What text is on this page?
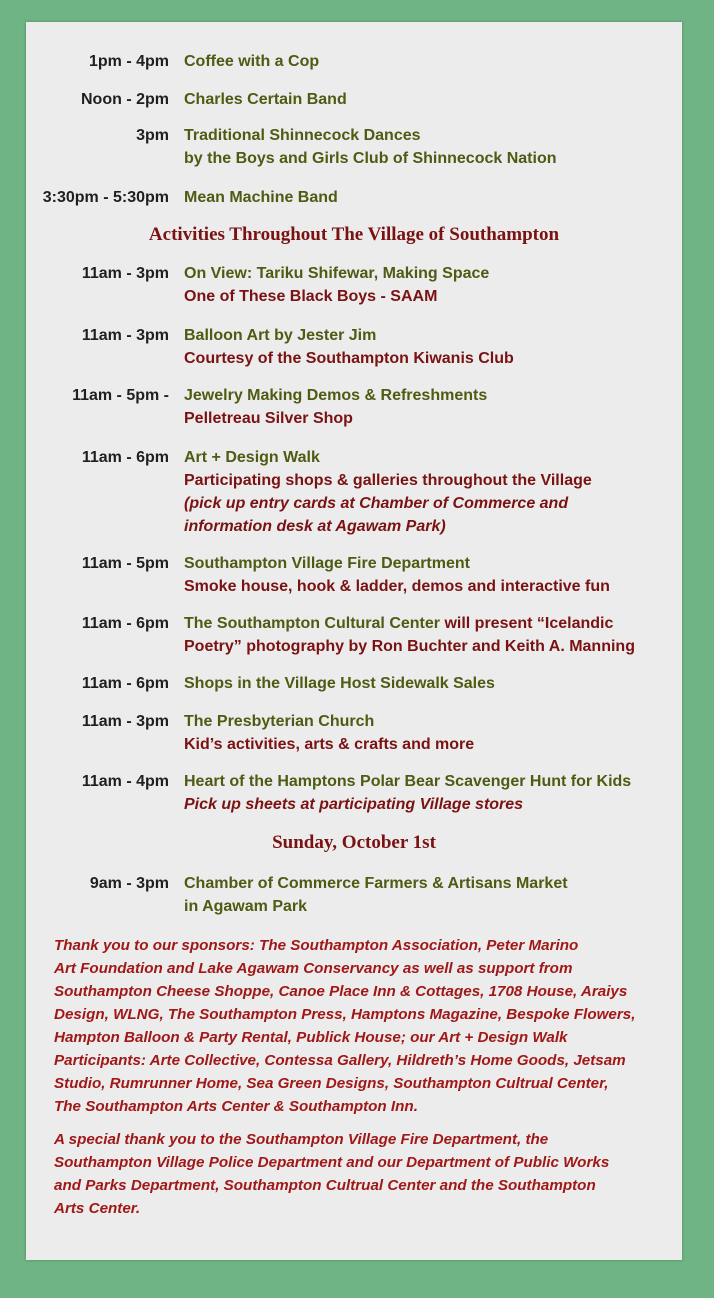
1pm - 4pm Coffee with a Cop
Noon - 2pm Charles Certain Band
3pm Traditional Shinnecock Dances
by the Boys and Girls Club of Shinnecock Nation
3:30pm - 5:30pm Mean Machine Band
Activities Throughout The Village of Southampton
11am - 3pm On View: Tariku Shifewar, Making Space
One of These Black Boys - SAAM
11am - 3pm Balloon Art by Jester Jim
Courtesy of the Southampton Kiwanis Club
11am - 5pm - Jewelry Making Demos & Refreshments
Pelletreau Silver Shop
11am - 6pm Art + Design Walk
Participating shops & galleries throughout the Village
(pick up entry cards at Chamber of Commerce and
information desk at Agawam Park)
11am - 5pm Southampton Village Fire Department
Smoke house, hook & ladder, demos and interactive fun
11am - 6pm The Southampton Cultural Center will present “Icelandic
Poetry” photography by Ron Buchter and Keith A. Manning
11am - 6pm Shops in the Village Host Sidewalk Sales
11am - 3pm The Presbyterian Church
Kid’s activities, arts & crafts and more
11am - 4pm Heart of the Hamptons Polar Bear Scavenger Hunt for Kids
Pick up sheets at participating Village stores
Sunday, October 1st
9am - 3pm Chamber of Commerce Farmers & Artisans Market
in Agawam Park
Thank you to our sponsors: The Southampton Association, Peter Marino
Art Foundation and Lake Agawam Conservancy as well as support from
Southampton Cheese Shoppe, Canoe Place Inn & Cottages, 1708 House, Araiys
Design, WLNG, The Southampton Press, Hamptons Magazine, Bespoke Flowers,
Hampton Balloon & Party Rental, Publick House; our Art + Design Walk
Participants: Arte Collective, Contessa Gallery, Hildreth’s Home Goods, Jetsam
Studio, Rumrunner Home, Sea Green Designs, Southampton Cultrual Center,
The Southampton Arts Center & Southampton Inn.
A special thank you to the Southampton Village Fire Department, the
Southampton Village Police Department and our Department of Public Works
and Parks Department, Southampton Cultrual Center and the Southampton
Arts Center.
